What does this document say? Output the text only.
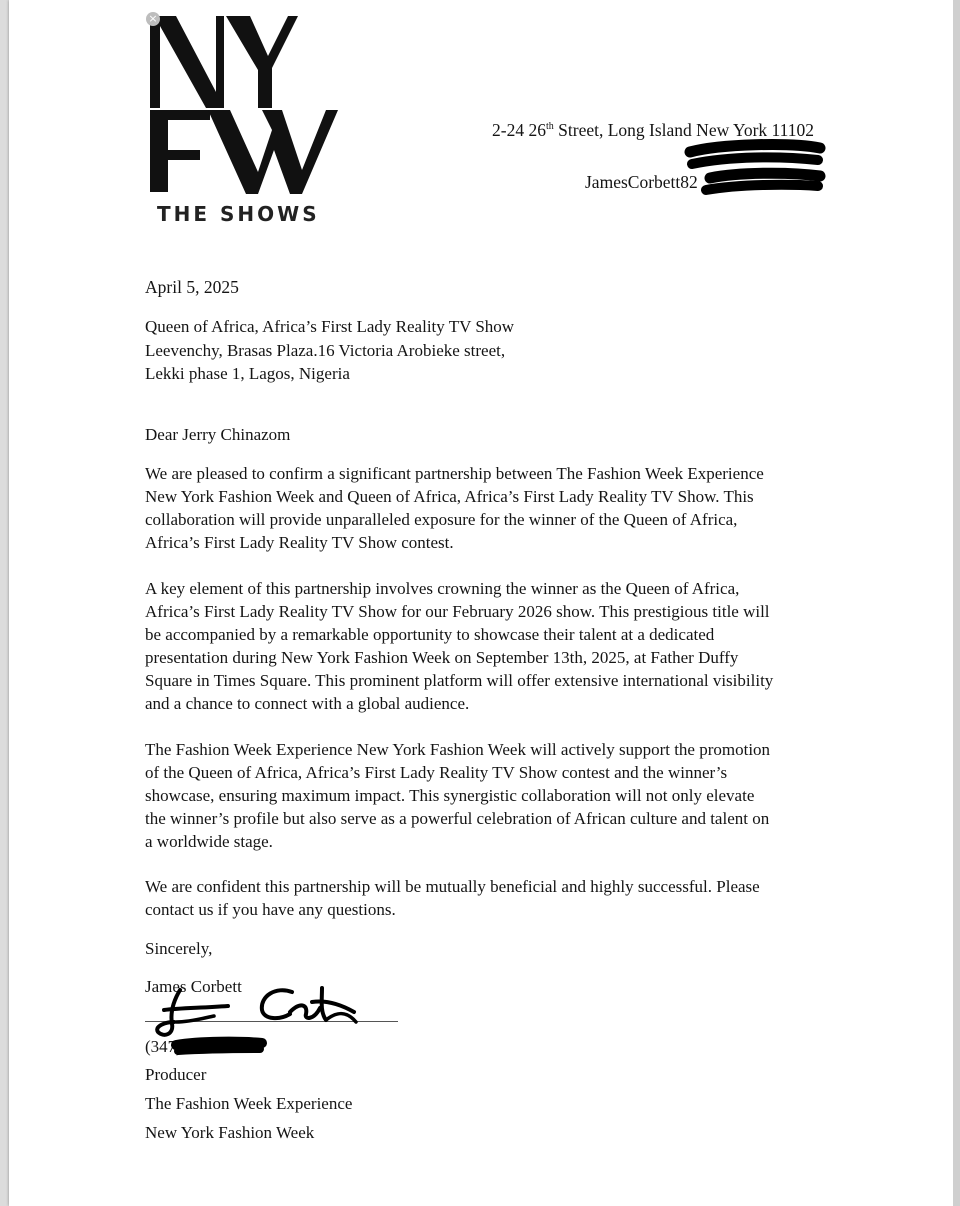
×
THE SHOWS
2-24 26th Street, Long Island New York 11102
JamesCorbett82
April 5, 2025
Queen of Africa, Africa’s First Lady Reality TV Show
Leevenchy, Brasas Plaza.16 Victoria Arobieke street,
Lekki phase 1, Lagos, Nigeria
Dear Jerry Chinazom
We are pleased to confirm a significant partnership between The Fashion Week Experience
New York Fashion Week and Queen of Africa, Africa’s First Lady Reality TV Show. This
collaboration will provide unparalleled exposure for the winner of the Queen of Africa,
Africa’s First Lady Reality TV Show contest.
A key element of this partnership involves crowning the winner as the Queen of Africa,
Africa’s First Lady Reality TV Show for our February 2026 show. This prestigious title will
be accompanied by a remarkable opportunity to showcase their talent at a dedicated
presentation during New York Fashion Week on September 13th, 2025, at Father Duffy
Square in Times Square. This prominent platform will offer extensive international visibility
and a chance to connect with a global audience.
The Fashion Week Experience New York Fashion Week will actively support the promotion
of the Queen of Africa, Africa’s First Lady Reality TV Show contest and the winner’s
showcase, ensuring maximum impact. This synergistic collaboration will not only elevate
the winner’s profile but also serve as a powerful celebration of African culture and talent on
a worldwide stage.
We are confident this partnership will be mutually beneficial and highly successful. Please
contact us if you have any questions.
Sincerely,
James Corbett
(347)
Producer
The Fashion Week Experience
New York Fashion Week
